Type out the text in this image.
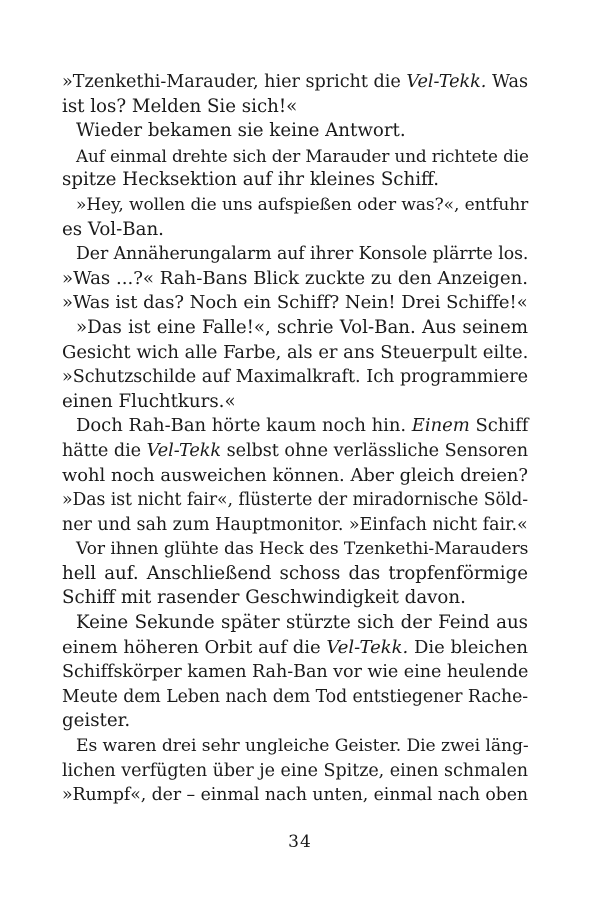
»Tzenkethi-Marauder, hier spricht die Vel-Tekk. Was
ist los? Melden Sie sich!«
Wieder bekamen sie keine Antwort.
Auf einmal drehte sich der Marauder und richtete die
spitze Hecksektion auf ihr kleines Schiff.
»Hey, wollen die uns aufspießen oder was?«, entfuhr
es Vol-Ban.
Der Annäherungalarm auf ihrer Konsole plärrte los.
»Was ...?« Rah-Bans Blick zuckte zu den Anzeigen.
»Was ist das? Noch ein Schiff? Nein! Drei Schiffe!«
»Das ist eine Falle!«, schrie Vol-Ban. Aus seinem
Gesicht wich alle Farbe, als er ans Steuerpult eilte.
»Schutzschilde auf Maximalkraft. Ich programmiere
einen Fluchtkurs.«
Doch Rah-Ban hörte kaum noch hin. Einem Schiff
hätte die Vel-Tekk selbst ohne verlässliche Sensoren
wohl noch ausweichen können. Aber gleich dreien?
»Das ist nicht fair«, flüsterte der miradornische Söld-
ner und sah zum Hauptmonitor. »Einfach nicht fair.«
Vor ihnen glühte das Heck des Tzenkethi-Marauders
hell auf. Anschließend schoss das tropfenförmige
Schiff mit rasender Geschwindigkeit davon.
Keine Sekunde später stürzte sich der Feind aus
einem höheren Orbit auf die Vel-Tekk. Die bleichen
Schiffskörper kamen Rah-Ban vor wie eine heulende
Meute dem Leben nach dem Tod entstiegener Rache-
geister.
Es waren drei sehr ungleiche Geister. Die zwei läng-
lichen verfügten über je eine Spitze, einen schmalen
»Rumpf«, der – einmal nach unten, einmal nach oben
34
